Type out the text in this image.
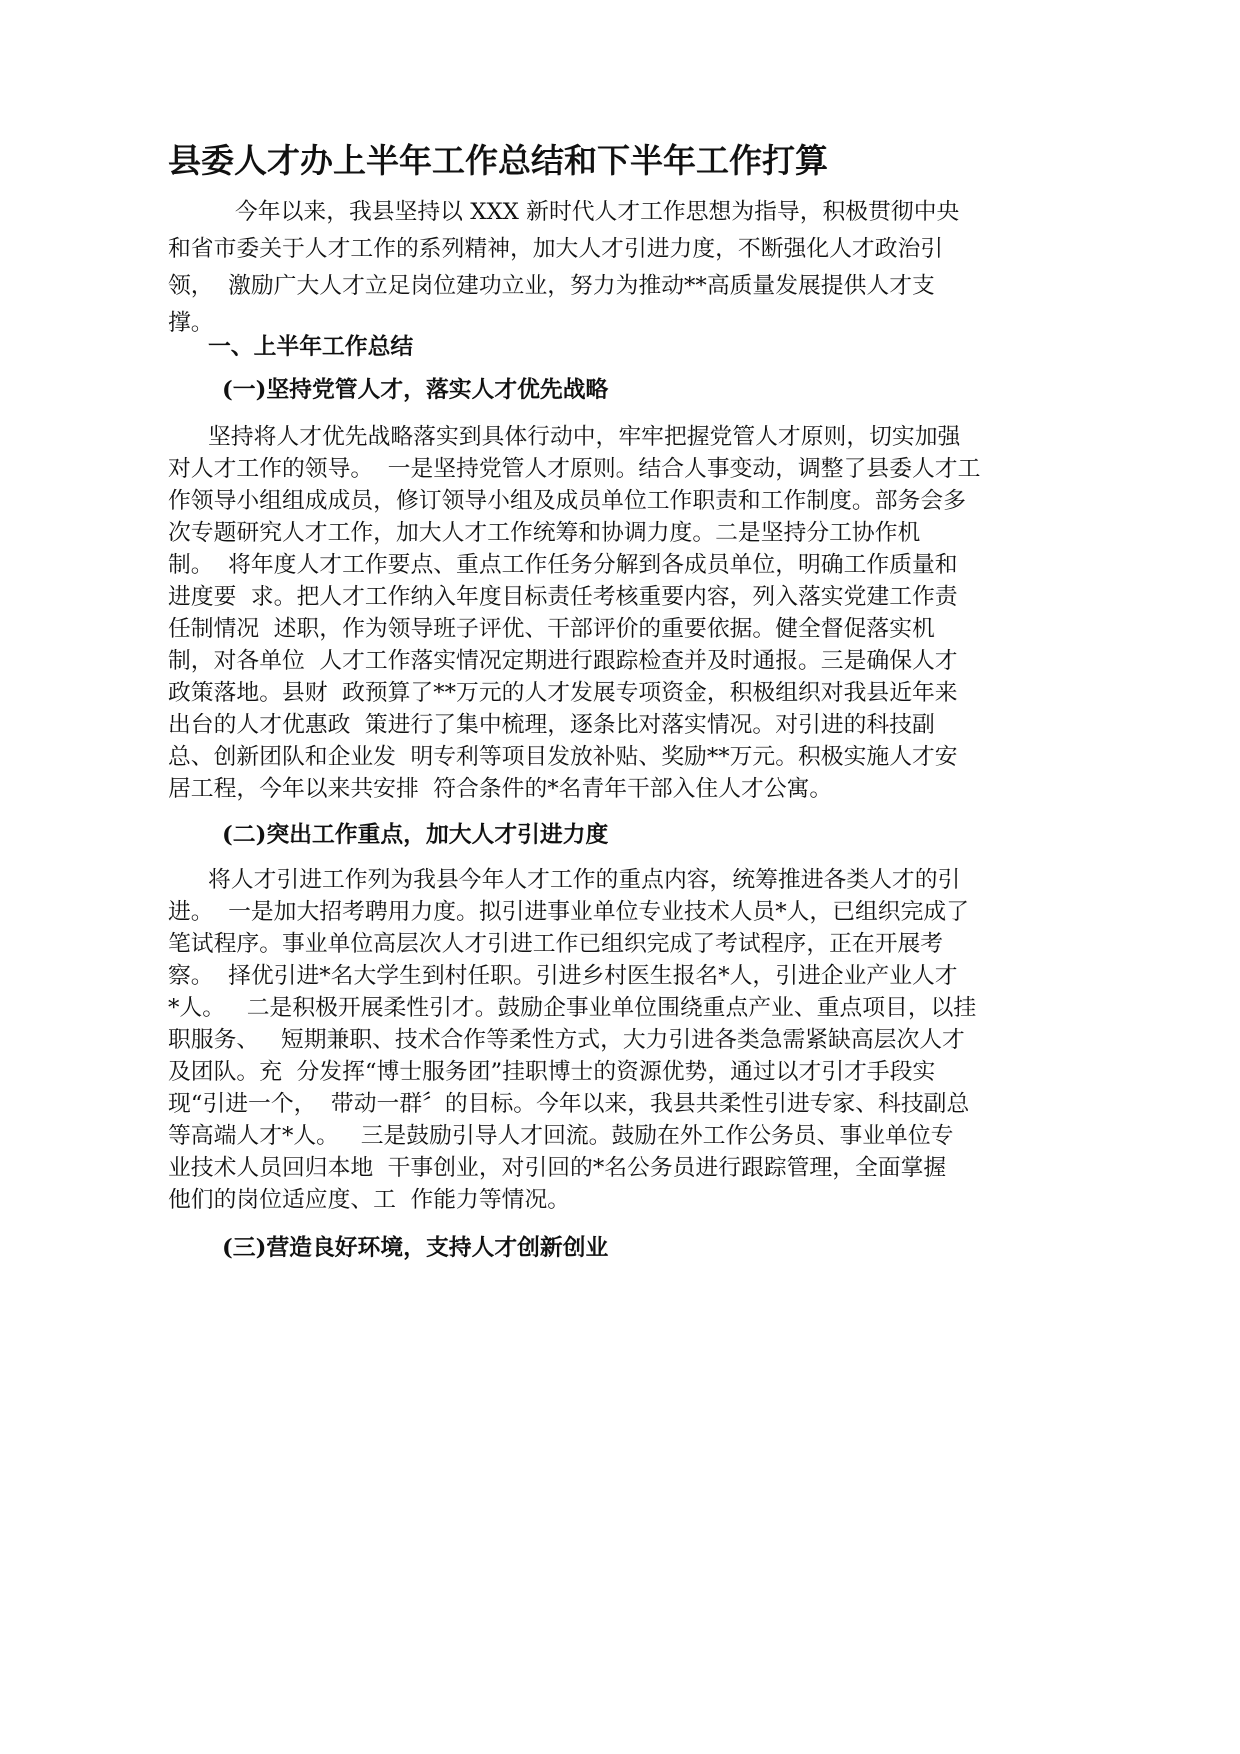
县委人才办上半年工作总结和下半年工作打算
今年以来，我县坚持以 XXX 新时代人才工作思想为指导，积极贯彻中央
和省市委关于人才工作的系列精神，加大人才引进力度，不断强化人才政治引
领，  激励广大人才立足岗位建功立业，努力为推动**高质量发展提供人才支
撑。
一、上半年工作总结
(一)坚持党管人才，落实人才优先战略
坚持将人才优先战略落实到具体行动中，牢牢把握党管人才原则，切实加强
对人才工作的领导。  一是坚持党管人才原则。结合人事变动，调整了县委人才工
作领导小组组成成员，修订领导小组及成员单位工作职责和工作制度。部务会多
次专题研究人才工作，加大人才工作统筹和协调力度。二是坚持分工协作机
制。  将年度人才工作要点、重点工作任务分解到各成员单位，明确工作质量和
进度要  求。把人才工作纳入年度目标责任考核重要内容，列入落实党建工作责
任制情况  述职，作为领导班子评优、干部评价的重要依据。健全督促落实机
制，对各单位  人才工作落实情况定期进行跟踪检查并及时通报。三是确保人才
政策落地。县财  政预算了**万元的人才发展专项资金，积极组织对我县近年来
出台的人才优惠政  策进行了集中梳理，逐条比对落实情况。对引进的科技副
总、创新团队和企业发  明专利等项目发放补贴、奖励**万元。积极实施人才安
居工程，今年以来共安排  符合条件的*名青年干部入住人才公寓。
(二)突出工作重点，加大人才引进力度
将人才引进工作列为我县今年人才工作的重点内容，统筹推进各类人才的引
进。  一是加大招考聘用力度。拟引进事业单位专业技术人员*人，已组织完成了
笔试程序。事业单位高层次人才引进工作已组织完成了考试程序，正在开展考
察。  择优引进*名大学生到村任职。引进乡村医生报名*人，引进企业产业人才
*人。   二是积极开展柔性引才。鼓励企事业单位围绕重点产业、重点项目，以挂
职服务、   短期兼职、技术合作等柔性方式，大力引进各类急需紧缺高层次人才
及团队。充  分发挥“博士服务团”挂职博士的资源优势，通过以才引才手段实
现“引进一个，  带动一群〞的目标。今年以来，我县共柔性引进专家、科技副总
等高端人才*人。   三是鼓励引导人才回流。鼓励在外工作公务员、事业单位专
业技术人员回归本地  干事创业，对引回的*名公务员进行跟踪管理，全面掌握
他们的岗位适应度、工  作能力等情况。
(三)营造良好环境，支持人才创新创业
